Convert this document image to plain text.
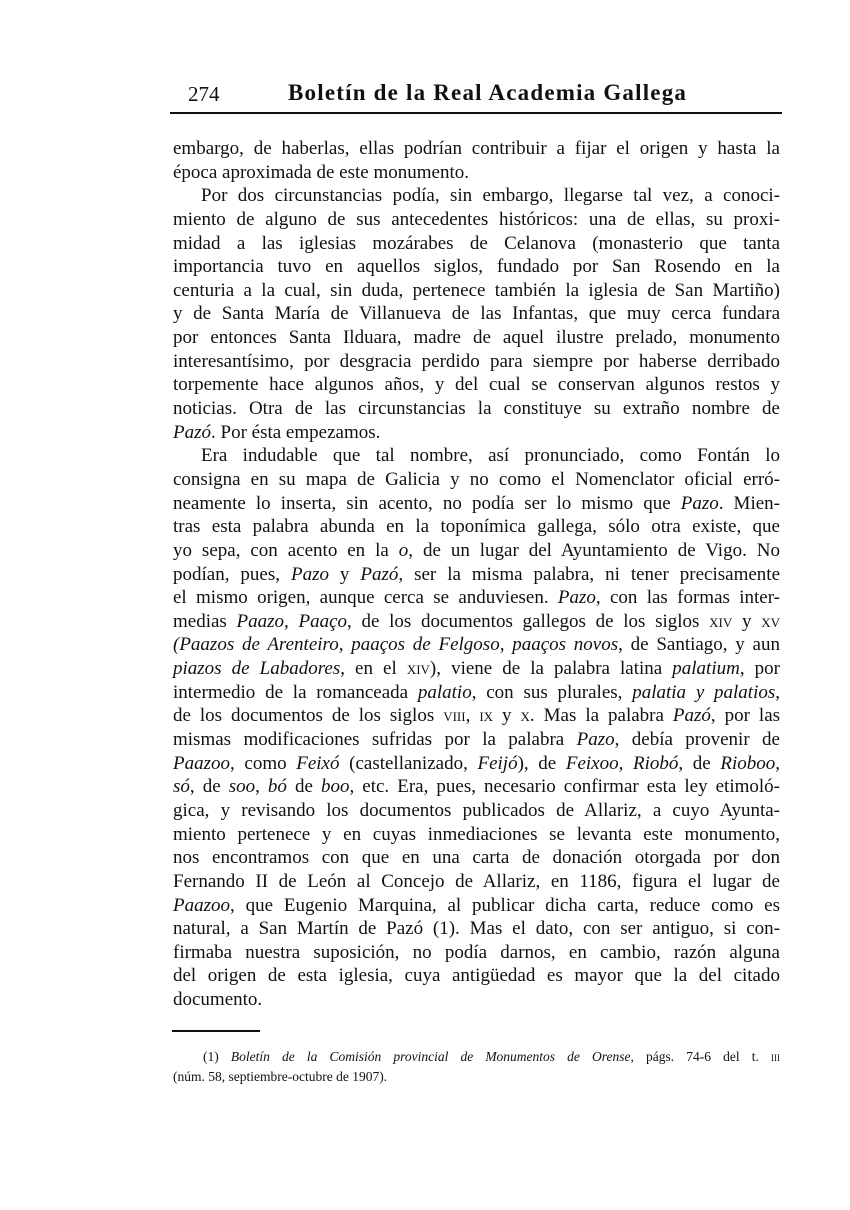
274	Boletín de la Real Academia Gallega
embargo, de haberlas, ellas podrían contribuir a fijar el origen y hasta la
época aproximada de este monumento.
Por dos circunstancias podía, sin embargo, llegarse tal vez, a conoci-
miento de alguno de sus antecedentes históricos: una de ellas, su proxi-
midad a las iglesias mozárabes de Celanova (monasterio que tanta
importancia tuvo en aquellos siglos, fundado por San Rosendo en la
centuria a la cual, sin duda, pertenece también la iglesia de San Martiño)
y de Santa María de Villanueva de las Infantas, que muy cerca fundara
por entonces Santa Ilduara, madre de aquel ilustre prelado, monumento
interesantísimo, por desgracia perdido para siempre por haberse derribado
torpemente hace algunos años, y del cual se conservan algunos restos y
noticias. Otra de las circunstancias la constituye su extraño nombre de
Pazó. Por ésta empezamos.
Era indudable que tal nombre, así pronunciado, como Fontán lo
consigna en su mapa de Galicia y no como el Nomenclator oficial erró-
neamente lo inserta, sin acento, no podía ser lo mismo que Pazo. Mien-
tras esta palabra abunda en la toponímica gallega, sólo otra existe, que
yo sepa, con acento en la o, de un lugar del Ayuntamiento de Vigo. No
podían, pues, Pazo y Pazó, ser la misma palabra, ni tener precisamente
el mismo origen, aunque cerca se anduviesen. Pazo, con las formas inter-
medias Paazo, Paaço, de los documentos gallegos de los siglos xiv y xv
(Paazos de Arenteiro, paaços de Felgoso, paaços novos, de Santiago, y aun
piazos de Labadores, en el xiv), viene de la palabra latina palatium, por
intermedio de la romanceada palatio, con sus plurales, palatia y palatios,
de los documentos de los siglos viii, ix y x. Mas la palabra Pazó, por las
mismas modificaciones sufridas por la palabra Pazo, debía provenir de
Paazoo, como Feixó (castellanizado, Feijó), de Feixoo, Riobó, de Rioboo,
só, de soo, bó de boo, etc. Era, pues, necesario confirmar esta ley etimoló-
gica, y revisando los documentos publicados de Allariz, a cuyo Ayunta-
miento pertenece y en cuyas inmediaciones se levanta este monumento,
nos encontramos con que en una carta de donación otorgada por don
Fernando II de León al Concejo de Allariz, en 1186, figura el lugar de
Paazoo, que Eugenio Marquina, al publicar dicha carta, reduce como es
natural, a San Martín de Pazó (1). Mas el dato, con ser antiguo, si con-
firmaba nuestra suposición, no podía darnos, en cambio, razón alguna
del origen de esta iglesia, cuya antigüedad es mayor que la del citado
documento.
(1) Boletín de la Comisión provincial de Monumentos de Orense, págs. 74-6 del t. iii
(núm. 58, septiembre-octubre de 1907).
